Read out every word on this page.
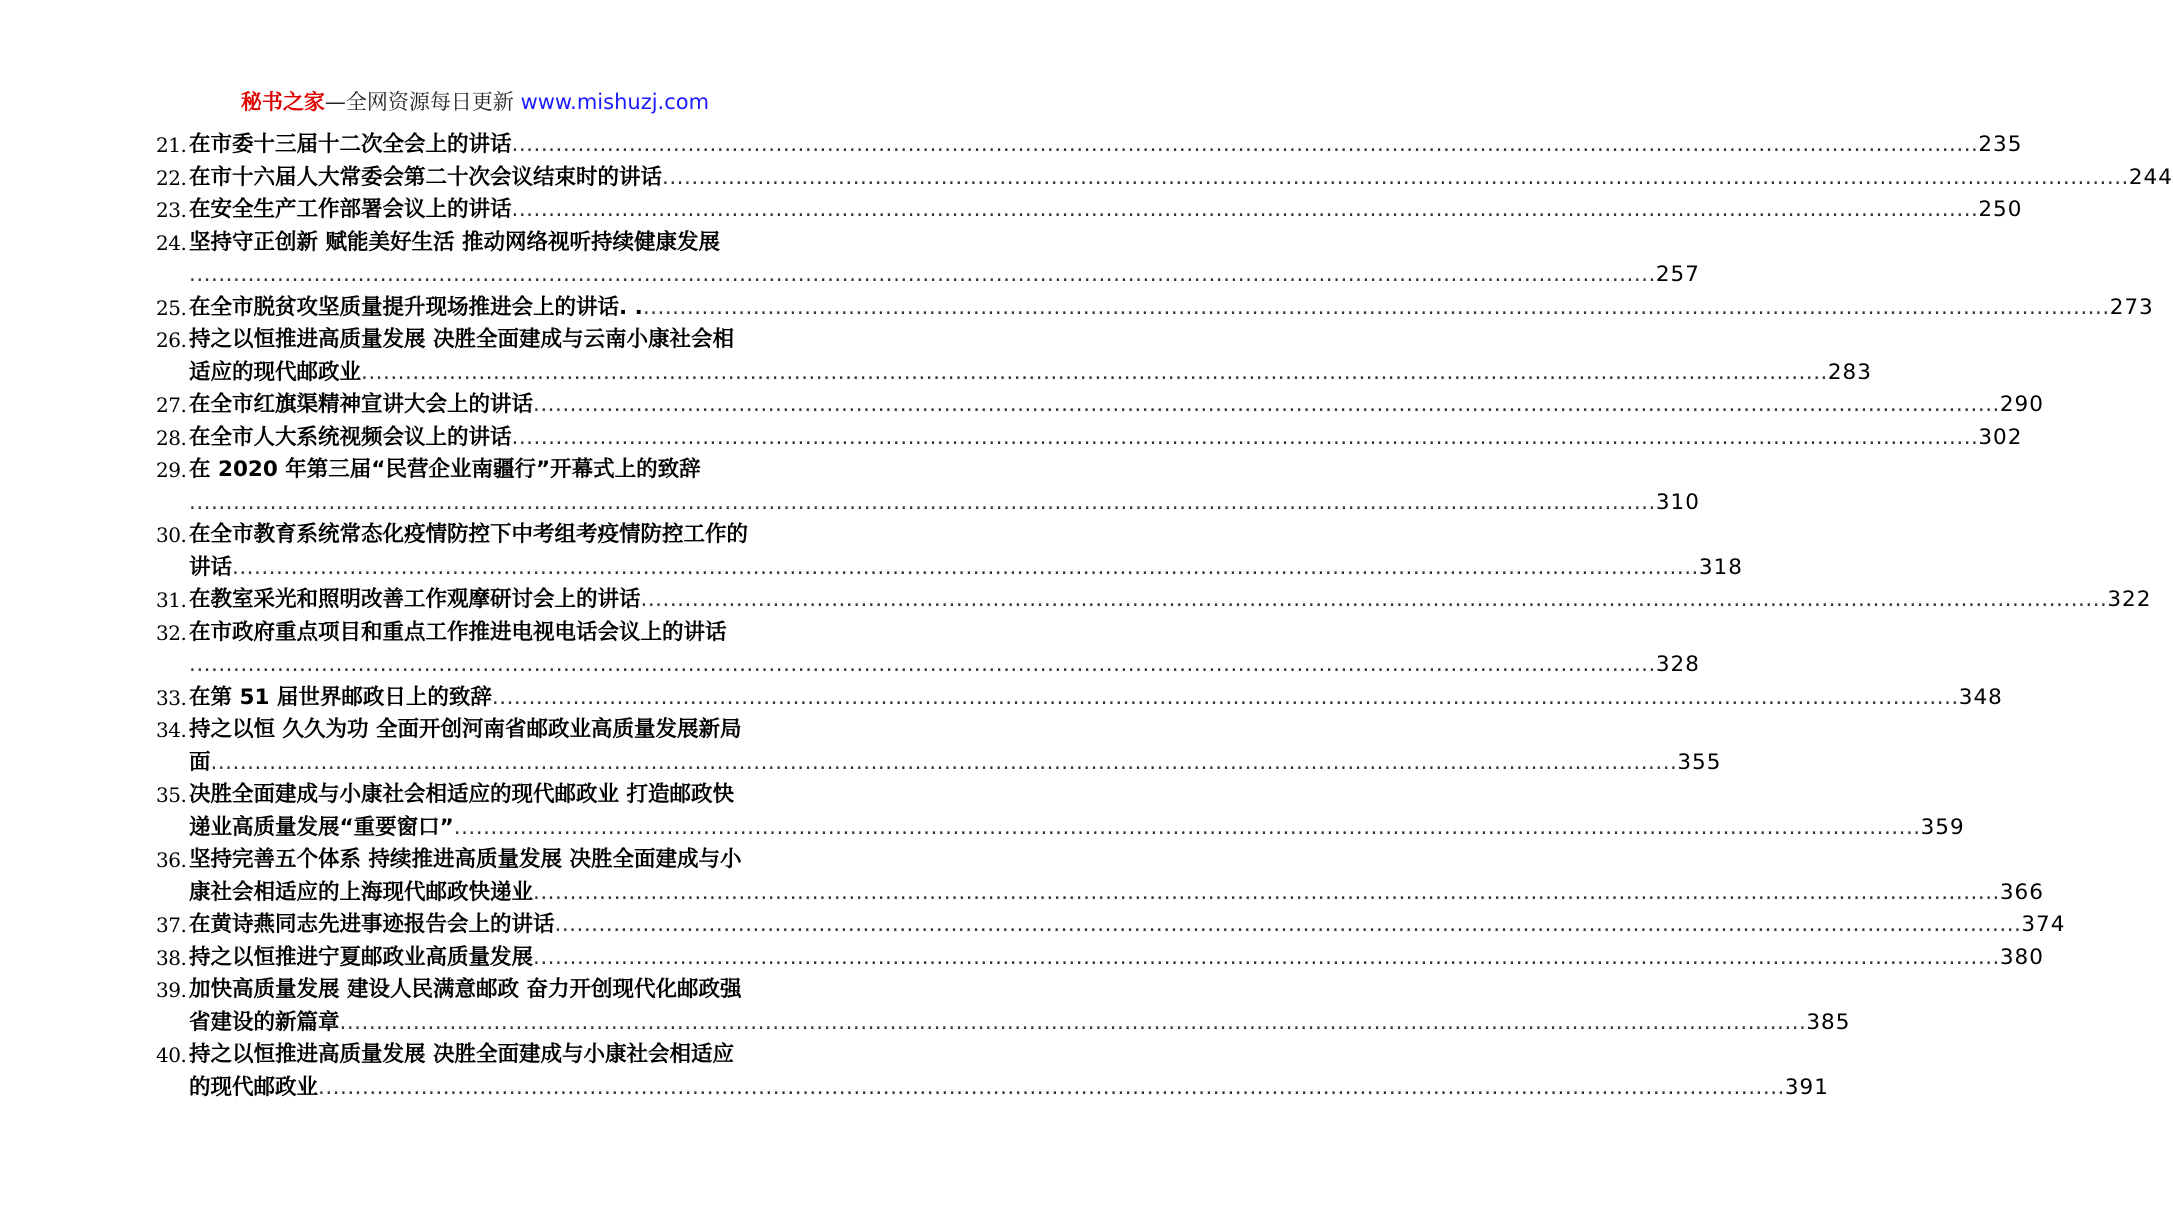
秘书之家—全网资源每日更新 www.mishuzj.com
21. 在市委十三届十二次全会上的讲话 ........................................................................................................................................................................................................ 235
22. 在市十六届人大常委会第二十次会议结束时的讲话 ........................................................................................................................................................................................................ 244
23. 在安全生产工作部署会议上的讲话 ........................................................................................................................................................................................................ 250
24. 坚持守正创新 赋能美好生活 推动网络视听持续健康发展
........................................................................................................................................................................................................ 257
25. 在全市脱贫攻坚质量提升现场推进会上的讲话. . ........................................................................................................................................................................................................ 273
26. 持之以恒推进高质量发展 决胜全面建成与云南小康社会相
适应的现代邮政业 ........................................................................................................................................................................................................ 283
27. 在全市红旗渠精神宣讲大会上的讲话 ........................................................................................................................................................................................................ 290
28. 在全市人大系统视频会议上的讲话 ........................................................................................................................................................................................................ 302
29. 在 2020 年第三届“民营企业南疆行”开幕式上的致辞
........................................................................................................................................................................................................ 310
30. 在全市教育系统常态化疫情防控下中考组考疫情防控工作的
讲话 ........................................................................................................................................................................................................ 318
31. 在教室采光和照明改善工作观摩研讨会上的讲话 ........................................................................................................................................................................................................ 322
32. 在市政府重点项目和重点工作推进电视电话会议上的讲话
........................................................................................................................................................................................................ 328
33. 在第 51 届世界邮政日上的致辞 ........................................................................................................................................................................................................ 348
34. 持之以恒 久久为功 全面开创河南省邮政业高质量发展新局
面 ........................................................................................................................................................................................................ 355
35. 决胜全面建成与小康社会相适应的现代邮政业 打造邮政快
递业高质量发展“重要窗口” ........................................................................................................................................................................................................ 359
36. 坚持完善五个体系 持续推进高质量发展 决胜全面建成与小
康社会相适应的上海现代邮政快递业 ........................................................................................................................................................................................................ 366
37. 在黄诗燕同志先进事迹报告会上的讲话 ........................................................................................................................................................................................................ 374
38. 持之以恒推进宁夏邮政业高质量发展 ........................................................................................................................................................................................................ 380
39. 加快高质量发展 建设人民满意邮政 奋力开创现代化邮政强
省建设的新篇章 ........................................................................................................................................................................................................ 385
40. 持之以恒推进高质量发展 决胜全面建成与小康社会相适应
的现代邮政业 ........................................................................................................................................................................................................ 391
